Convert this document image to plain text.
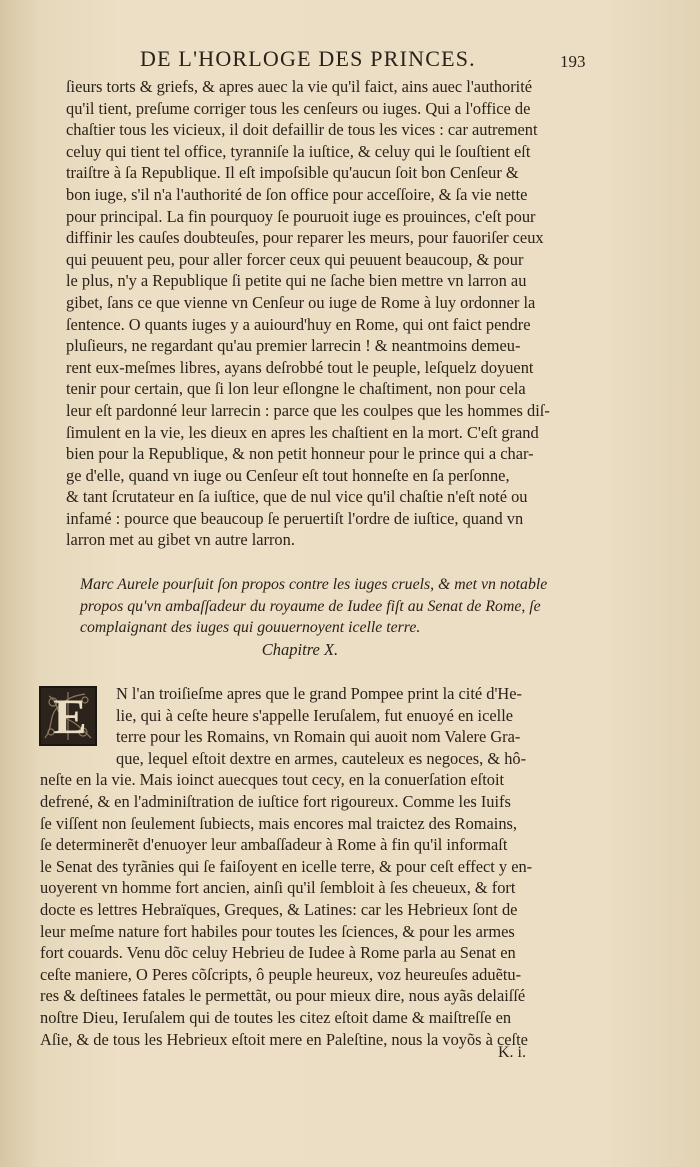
DE L'HORLOGE DES PRINCES.	193
ſieurs torts & griefs, & apres auec la vie qu'il faict, ains auec l'authorité
qu'il tient, preſume corriger tous les cenſeurs ou iuges. Qui a l'office de
chaſtier tous les vicieux, il doit defaillir de tous les vices : car autrement
celuy qui tient tel office, tyranniſe la iuſtice, & celuy qui le ſouſtient eſt
traiſtre à ſa Republique. Il eſt impoſsible qu'aucun ſoit bon Cenſeur &
bon iuge, s'il n'a l'authorité de ſon office pour acceſſoire, & ſa vie nette
pour principal. La fin pourquoy ſe pouruoit iuge es prouinces, c'eſt pour
diffinir les cauſes doubteuſes, pour reparer les meurs, pour fauoriſer ceux
qui peuuent peu, pour aller forcer ceux qui peuuent beaucoup, & pour
le plus, n'y a Republique ſi petite qui ne ſache bien mettre vn larron au
gibet, ſans ce que vienne vn Cenſeur ou iuge de Rome à luy ordonner la
ſentence. O quants iuges y a auiourd'huy en Rome, qui ont faict pendre
pluſieurs, ne regardant qu'au premier larrecin ! & neantmoins demeu-
rent eux-meſmes libres, ayans deſrobbé tout le peuple, leſquelz doyuent
tenir pour certain, que ſi lon leur eſlongne le chaſtiment, non pour cela
leur eſt pardonné leur larrecin : parce que les coulpes que les hommes diſ-
ſimulent en la vie, les dieux en apres les chaſtient en la mort. C'eſt grand
bien pour la Republique, & non petit honneur pour le prince qui a char-
ge d'elle, quand vn iuge ou Cenſeur eſt tout honneſte en ſa perſonne,
& tant ſcrutateur en ſa iuſtice, que de nul vice qu'il chaſtie n'eſt noté ou
infamé : pource que beaucoup ſe peruertiſt l'ordre de iuſtice, quand vn
larron met au gibet vn autre larron.
Marc Aurele pourſuit ſon propos contre les iuges cruels, & met vn notable
propos qu'vn ambaſſadeur du royaume de Iudee fiſt au Senat de Rome, ſe
complaignant des iuges qui gouuernoyent icelle terre.
Chapitre X.
E	N l'an troiſieſme apres que le grand Pompee print la cité d'He-
lie, qui à ceſte heure s'appelle Ieruſalem, fut enuoyé en icelle
terre pour les Romains, vn Romain qui auoit nom Valere Gra-
que, lequel eſtoit dextre en armes, cauteleux es negoces, & hô-
neſte en la vie. Mais ioinct auecques tout cecy, en la conuerſation eſtoit
defrené, & en l'adminiſtration de iuſtice fort rigoureux. Comme les Iuifs
ſe viſſent non ſeulement ſubiects, mais encores mal traictez des Romains,
ſe determinerẽt d'enuoyer leur ambaſſadeur à Rome à fin qu'il informaſt
le Senat des tyrãnies qui ſe faiſoyent en icelle terre, & pour ceſt effect y en-
uoyerent vn homme fort ancien, ainſi qu'il ſembloit à ſes cheueux, & fort
docte es lettres Hebraïques, Greques, & Latines: car les Hebrieux ſont de
leur meſme nature fort habiles pour toutes les ſciences, & pour les armes
fort couards. Venu dõc celuy Hebrieu de Iudee à Rome parla au Senat en
ceſte maniere, O Peres cõſcripts, ô peuple heureux, voz heureuſes aduẽtu-
res & deſtinees fatales le permettãt, ou pour mieux dire, nous ayãs delaiſſé
noſtre Dieu, Ieruſalem qui de toutes les citez eſtoit dame & maiſtreſſe en
Aſie, & de tous les Hebrieux eſtoit mere en Paleſtine, nous la voyõs à ceſte
K. i.
